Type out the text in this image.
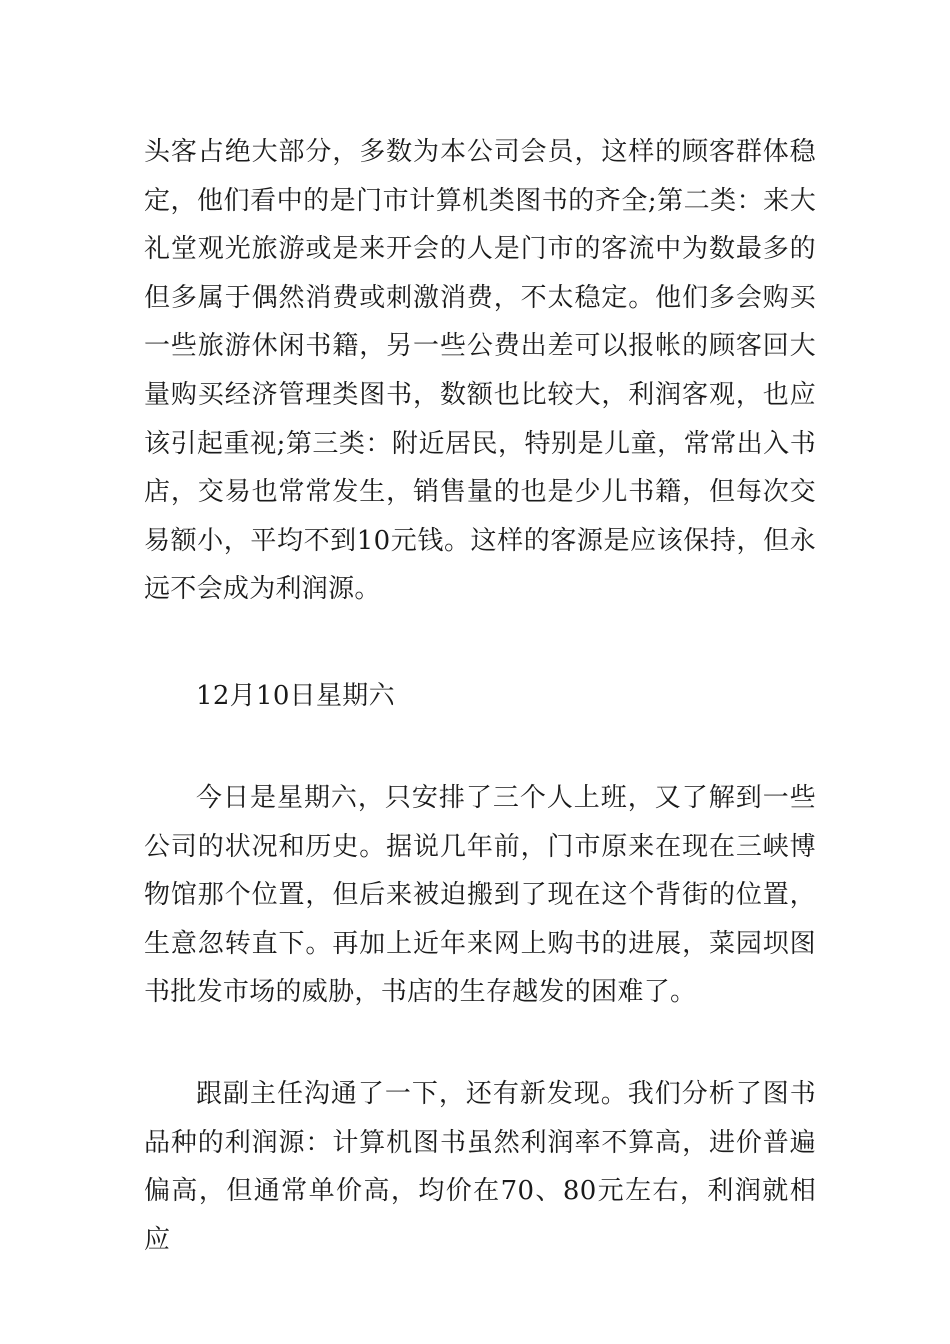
头客占绝大部分，多数为本公司会员，这样的顾客群体稳
定，他们看中的是门市计算机类图书的齐全;第二类：来大
礼堂观光旅游或是来开会的人是门市的客流中为数最多的
但多属于偶然消费或刺激消费，不太稳定。他们多会购买
一些旅游休闲书籍，另一些公费出差可以报帐的顾客回大
量购买经济管理类图书，数额也比较大，利润客观，也应
该引起重视;第三类：附近居民，特别是儿童，常常出入书
店，交易也常常发生，销售量的也是少儿书籍，但每次交
易额小，平均不到10元钱。这样的客源是应该保持，但永
远不会成为利润源。
12月10日星期六
今日是星期六，只安排了三个人上班，又了解到一些
公司的状况和历史。据说几年前，门市原来在现在三峡博
物馆那个位置，但后来被迫搬到了现在这个背街的位置，
生意忽转直下。再加上近年来网上购书的进展，菜园坝图
书批发市场的威胁，书店的生存越发的困难了。
跟副主任沟通了一下，还有新发现。我们分析了图书
品种的利润源：计算机图书虽然利润率不算高，进价普遍
偏高，但通常单价高，均价在70、80元左右，利润就相应
